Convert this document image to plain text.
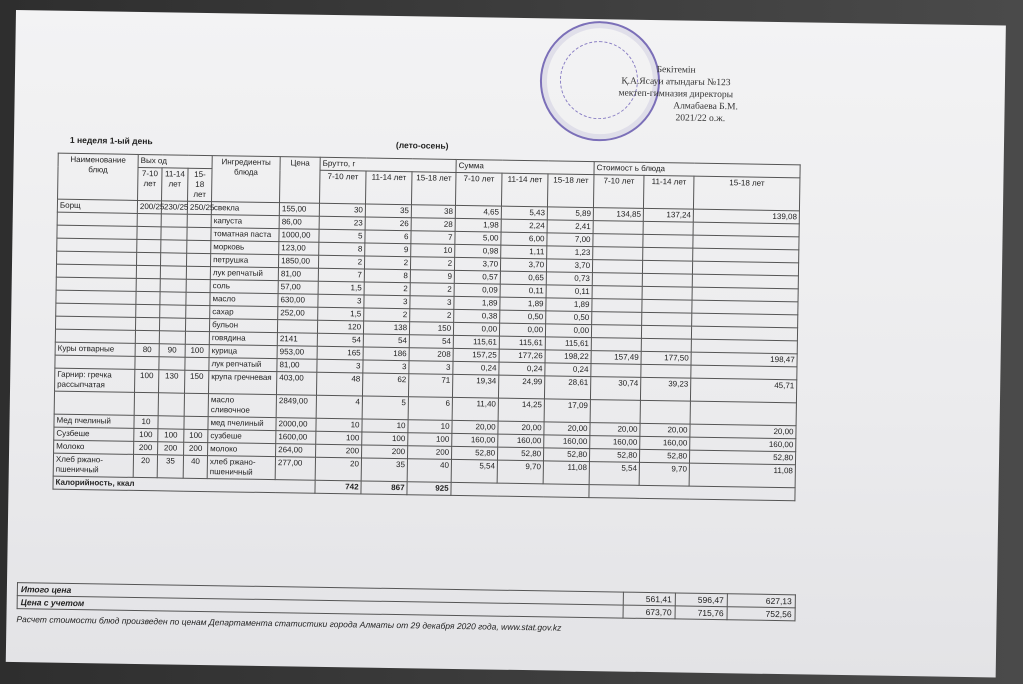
Бекітемін
Қ.А.Ясауи атындағы №123
мектеп-гимназия директоры
Алмабаева Б.М.
2021/22 о.ж.
1 неделя 1-ый день	(лето-осень)
Наименование блюд	Вых од			Ингредиенты блюда	Цена	Брутто, г			Сумма			Стоимост ь блюда		
	7-10 лет	11-14 лет	15-18 лет			7-10 лет	11-14 лет	15-18 лет	7-10 лет	11-14 лет	15-18 лет	7-10 лет	11-14 лет	15-18 лет
Борщ	200/25	230/25	250/25	свекла	155,00	30	35	38	4,65	5,43	5,89	134,85	137,24	139,08
				капуста	86,00	23	26	28	1,98	2,24	2,41			
				томатная паста	1000,00	5	6	7	5,00	6,00	7,00			
				морковь	123,00	8	9	10	0,98	1,11	1,23			
				петрушка	1850,00	2	2	2	3,70	3,70	3,70			
				лук репчатый	81,00	7	8	9	0,57	0,65	0,73			
				соль	57,00	1,5	2	2	0,09	0,11	0,11			
				масло	630,00	3	3	3	1,89	1,89	1,89			
				сахар	252,00	1,5	2	2	0,38	0,50	0,50			
				бульон		120	138	150	0,00	0,00	0,00			
				говядина	2141	54	54	54	115,61	115,61	115,61			
Куры отварные	80	90	100	курица	953,00	165	186	208	157,25	177,26	198,22	157,49	177,50	198,47
				лук репчатый	81,00	3	3	3	0,24	0,24	0,24			
Гарнир: гречка рассыпчатая	100	130	150	крупа гречневая	403,00	48	62	71	19,34	24,99	28,61	30,74	39,23	45,71
				масло сливочное	2849,00	4	5	6	11,40	14,25	17,09			
Мед пчелиный	10			мед пчелиный	2000,00	10	10	10	20,00	20,00	20,00	20,00	20,00	20,00
Сузбеше	100	100	100	сузбеше	1600,00	100	100	100	160,00	160,00	160,00	160,00	160,00	160,00
Молоко	200	200	200	молоко	264,00	200	200	200	52,80	52,80	52,80	52,80	52,80	52,80
Хлеб ржано-пшеничный	20	35	40	хлеб ржано-пшеничный	277,00	20	35	40	5,54	9,70	11,08	5,54	9,70	11,08
Калорийность, ккал						742	867	925						
Итого цена	561,41	596,47	627,13
Цена с учетом	673,70	715,76	752,56
Расчет стоимости блюд произведен по ценам Департамента статистики города Алматы от 29 декабря 2020 года, www.stat.gov.kz
